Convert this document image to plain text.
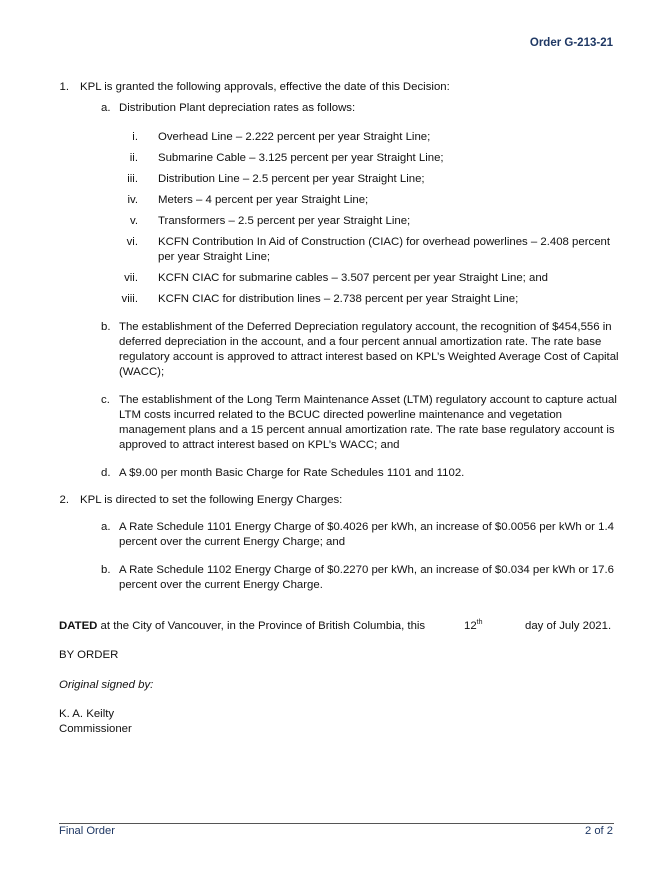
Order G-213-21
1. KPL is granted the following approvals, effective the date of this Decision:
a. Distribution Plant depreciation rates as follows:
i. Overhead Line – 2.222 percent per year Straight Line;
ii. Submarine Cable – 3.125 percent per year Straight Line;
iii. Distribution Line – 2.5 percent per year Straight Line;
iv. Meters – 4 percent per year Straight Line;
v. Transformers – 2.5 percent per year Straight Line;
vi. KCFN Contribution In Aid of Construction (CIAC) for overhead powerlines – 2.408 percent
per year Straight Line;
vii. KCFN CIAC for submarine cables – 3.507 percent per year Straight Line; and
viii. KCFN CIAC for distribution lines – 2.738 percent per year Straight Line;
b. The establishment of the Deferred Depreciation regulatory account, the recognition of $454,556 in
deferred depreciation in the account, and a four percent annual amortization rate. The rate base
regulatory account is approved to attract interest based on KPL’s Weighted Average Cost of Capital
(WACC);
c. The establishment of the Long Term Maintenance Asset (LTM) regulatory account to capture actual
LTM costs incurred related to the BCUC directed powerline maintenance and vegetation
management plans and a 15 percent annual amortization rate. The rate base regulatory account is
approved to attract interest based on KPL’s WACC; and
d. A $9.00 per month Basic Charge for Rate Schedules 1101 and 1102.
2. KPL is directed to set the following Energy Charges:
a. A Rate Schedule 1101 Energy Charge of $0.4026 per kWh, an increase of $0.0056 per kWh or 1.4
percent over the current Energy Charge; and
b. A Rate Schedule 1102 Energy Charge of $0.2270 per kWh, an increase of $0.034 per kWh or 17.6
percent over the current Energy Charge.
DATED at the City of Vancouver, in the Province of British Columbia, this	12th	day of July 2021.
BY ORDER
Original signed by:
K. A. Keilty
Commissioner
Final Order	2 of 2
